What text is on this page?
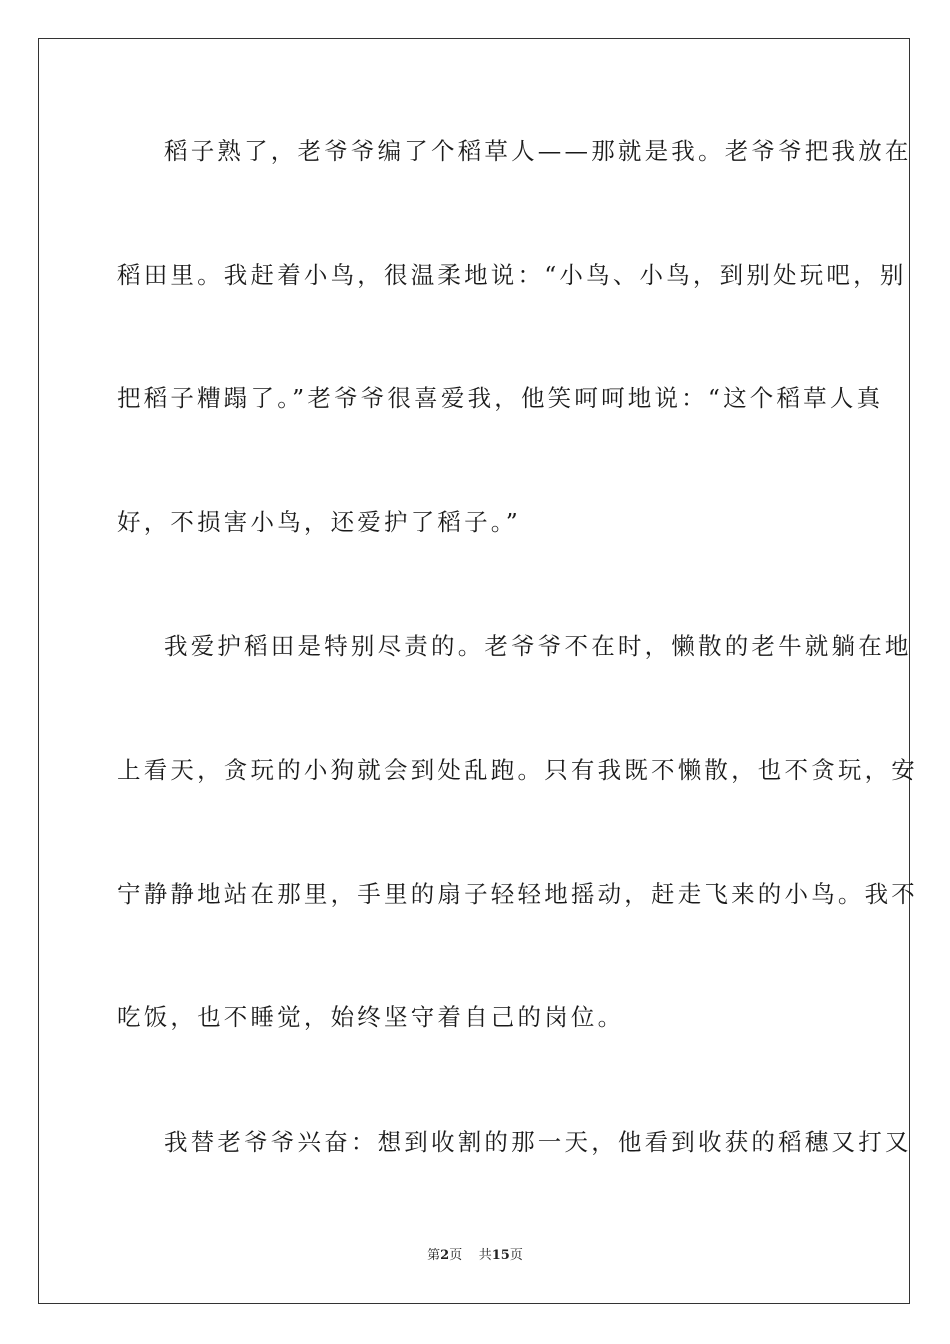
稻子熟了，老爷爷编了个稻草人——那就是我。老爷爷把我放在
稻田里。我赶着小鸟，很温柔地说：“小鸟、小鸟，到别处玩吧，别
把稻子糟蹋了。”老爷爷很喜爱我，他笑呵呵地说：“这个稻草人真
好，不损害小鸟，还爱护了稻子。”
我爱护稻田是特别尽责的。老爷爷不在时，懒散的老牛就躺在地
上看天，贪玩的小狗就会到处乱跑。只有我既不懒散，也不贪玩，安
宁静静地站在那里，手里的扇子轻轻地摇动，赶走飞来的小鸟。我不
吃饭，也不睡觉，始终坚守着自己的岗位。
我替老爷爷兴奋：想到收割的那一天，他看到收获的稻穗又打又
第2页 共15页
